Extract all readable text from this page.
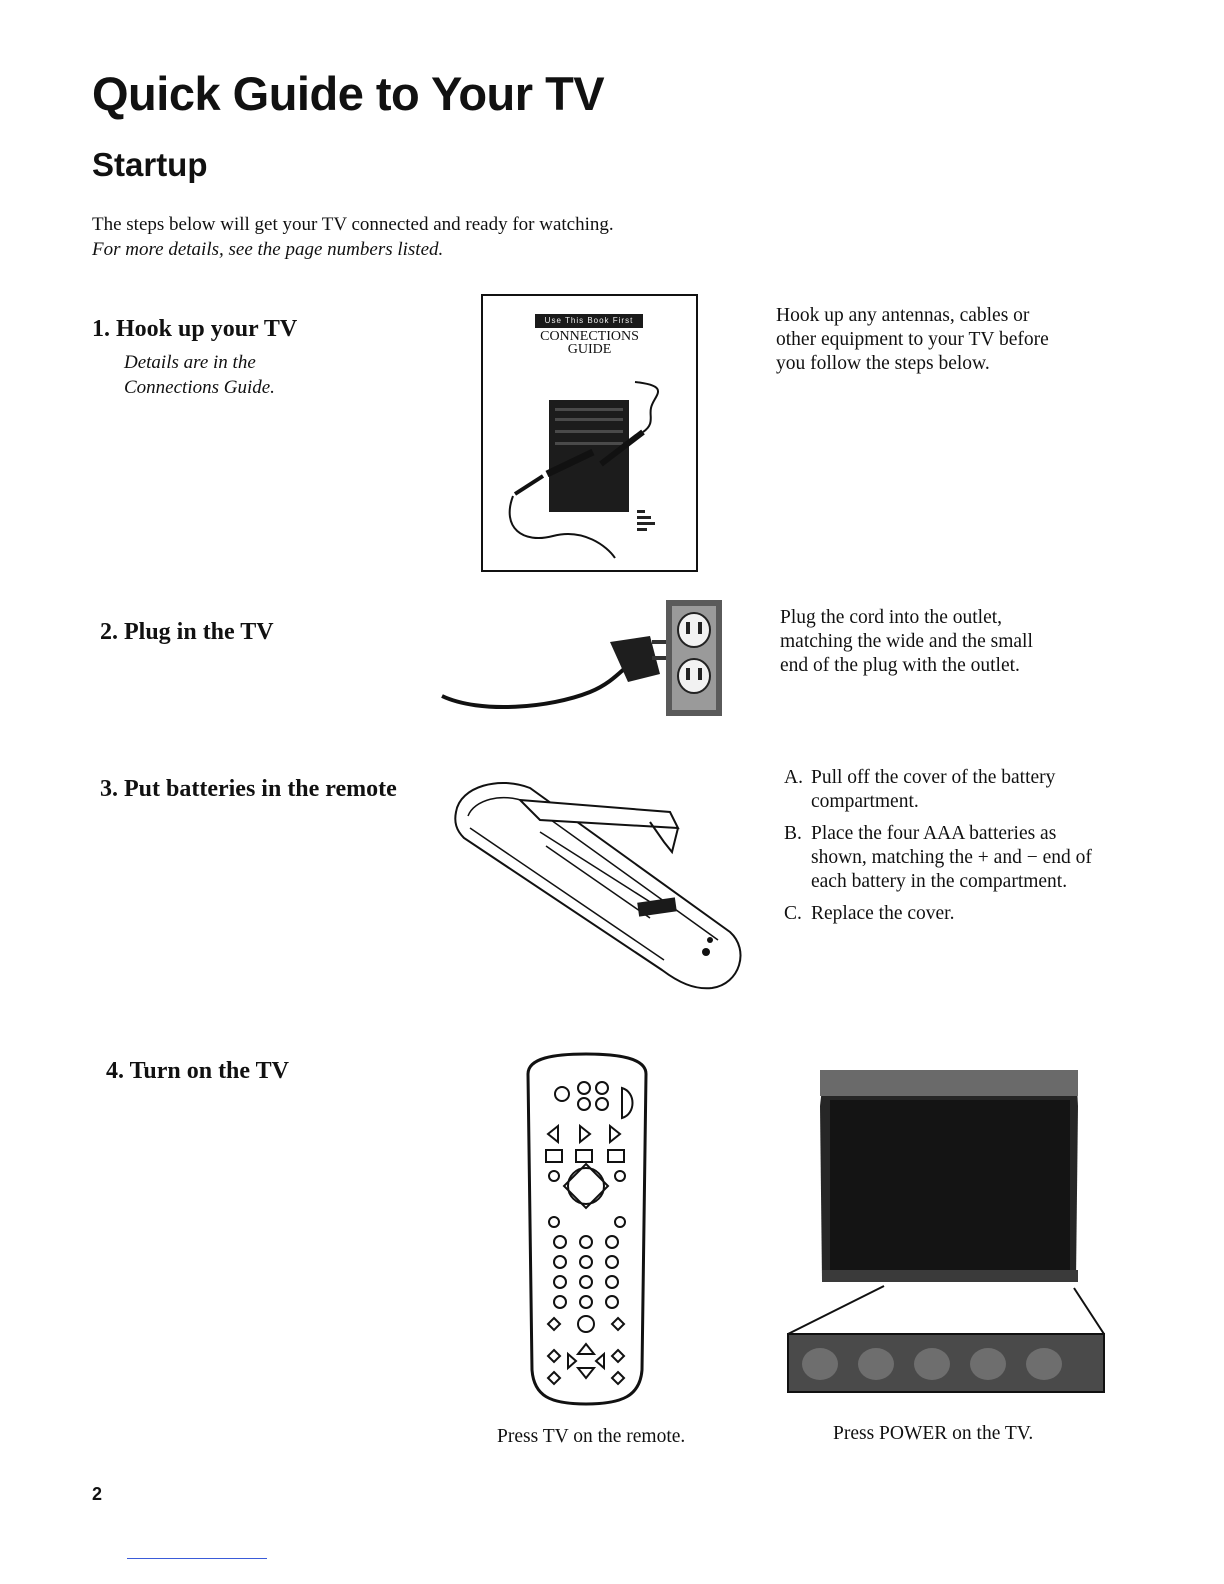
Quick Guide to Your TV
Startup
The steps below will get your TV connected and ready for watching.
For more details, see the page numbers listed.
1. Hook up your TV
Details are in the
Connections Guide.
Use This Book First
CONNECTIONS
GUIDE
Hook up any antennas, cables or
other equipment to your TV before
you follow the steps below.
2. Plug in the TV
Plug the cord into the outlet,
matching the wide and the small
end of the plug with the outlet.
3. Put batteries in the remote	A. Pull off the cover of the battery compartment.
B. Place the four AAA batteries as shown, matching the + and − end of each battery in the compartment.
C. Replace the cover.
4. Turn on the TV
Press TV on the remote.	Press POWER on the TV.
2
